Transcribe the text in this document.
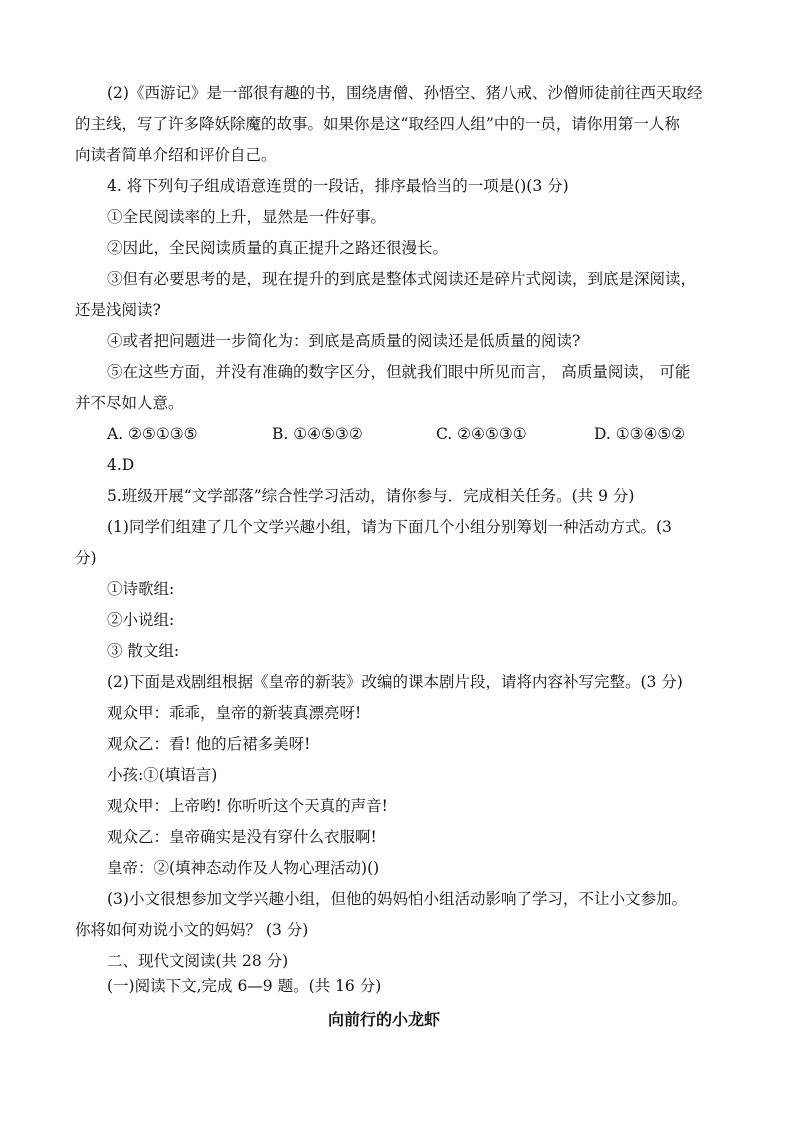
(2)《西游记》是一部很有趣的书，围绕唐僧、孙悟空、猪八戒、沙僧师徒前往西天取经
的主线，写了许多降妖除魔的故事。如果你是这“取经四人组”中的一员，请你用第一人称
向读者简单介绍和评价自己。
4. 将下列句子组成语意连贯的一段话，排序最恰当的一项是()(3 分)
①全民阅读率的上升，显然是一件好事。
②因此，全民阅读质量的真正提升之路还很漫长。
③但有必要思考的是，现在提升的到底是整体式阅读还是碎片式阅读，到底是深阅读，
还是浅阅读?
④或者把问题进一步简化为：到底是高质量的阅读还是低质量的阅读?
⑤在这些方面，并没有准确的数字区分，但就我们眼中所见而言， 高质量阅读， 可能
并不尽如人意。
A. ②⑤①③⑤	B. ①④⑤③②	C. ②④⑤③①	D. ①③④⑤②
4.D
5.班级开展“文学部落”综合性学习活动，请你参与．完成相关任务。(共 9 分)
(1)同学们组建了几个文学兴趣小组，请为下面几个小组分别筹划一种活动方式。(3
分)
①诗歌组:
②小说组:
③ 散文组:
(2)下面是戏剧组根据《皇帝的新装》改编的课本剧片段，请将内容补写完整。(3 分)
观众甲：乖乖，皇帝的新装真漂亮呀!
观众乙：看! 他的后裙多美呀!
小孩:①(填语言)
观众甲：上帝哟! 你听听这个天真的声音!
观众乙：皇帝确实是没有穿什么衣服啊!
皇帝：②(填神态动作及人物心理活动)()
(3)小文很想参加文学兴趣小组，但他的妈妈怕小组活动影响了学习，不让小文参加。
你将如何劝说小文的妈妈？ (3 分)
二、现代文阅读(共 28 分)
(一)阅读下文,完成 6—9 题。(共 16 分)
向前行的小龙虾
